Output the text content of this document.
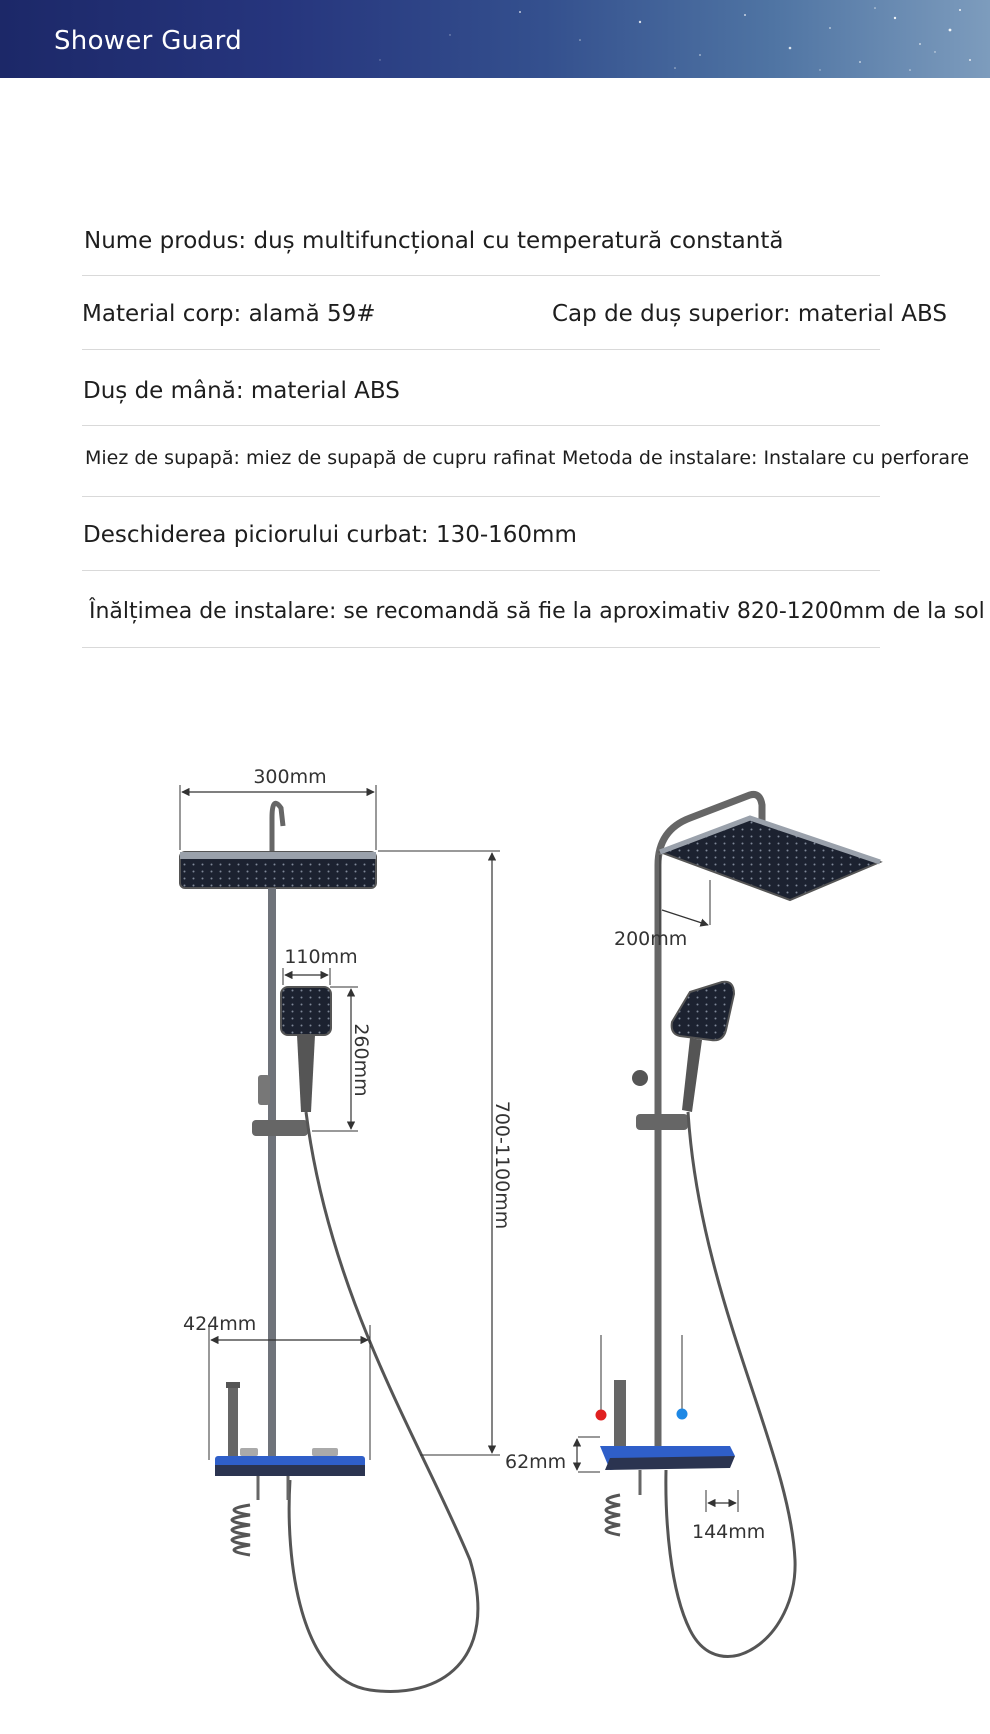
Shower Guard
Nume produs: duș multifuncțional cu temperatură constantă
Material corp: alamă 59#	Cap de duș superior: material ABS
Duș de mână: material ABS
Miez de supapă: miez de supapă de cupru rafinat Metoda de instalare: Instalare cu perforare
Deschiderea piciorului curbat: 130-160mm
Înălțimea de instalare: se recomandă să fie la aproximativ 820-1200mm de la sol
300mm
110mm
260mm
700-1100mm
424mm
200mm
62mm
144mm
